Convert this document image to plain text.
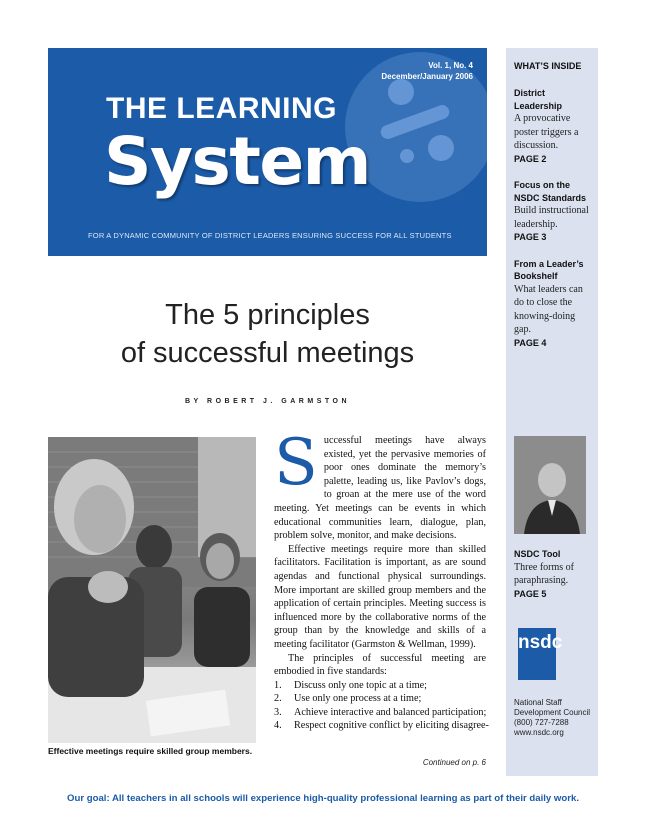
Vol. 1, No. 4
December/January 2006
THE LEARNING
System
FOR A DYNAMIC COMMUNITY OF DISTRICT LEADERS ENSURING SUCCESS FOR ALL STUDENTS
The 5 principles
of successful meetings
BY ROBERT J. GARMSTON
Effective meetings require skilled group members.
S uccessful meetings have always existed, yet the pervasive memories of poor ones dominate the memory’s palette, leading us, like Pavlov’s dogs, to groan at the mere use of the word meeting. Yet meetings can be events in which educational communities learn, dialogue, plan, problem solve, monitor, and make decisions.

Effective meetings require more than skilled facilitators. Facilitation is important, as are sound agendas and functional physical surroundings. More important are skilled group members and the application of certain principles. Meeting success is influenced more by the collaborative norms of the group than by the knowledge and skills of a meeting facilitator (Garmston & Wellman, 1999).

The principles of successful meeting are embodied in five standards:

1.	Discuss only one topic at a time;
2.	Use only one process at a time;
3.	Achieve interactive and balanced participation;
4.	Respect cognitive conflict by eliciting disagree-
Continued on p. 6
WHAT’S INSIDE
District Leadership
A provocative poster triggers a discussion.
PAGE 2
Focus on the NSDC Standards
Build instructional leadership.
PAGE 3
From a Leader’s Bookshelf
What leaders can do to close the knowing-doing gap.
PAGE 4
NSDC Tool
Three forms of paraphrasing.
PAGE 5
nsdc
National Staff Development Council
(800) 727-7288
www.nsdc.org
Our goal: All teachers in all schools will experience high-quality professional learning as part of their daily work.
